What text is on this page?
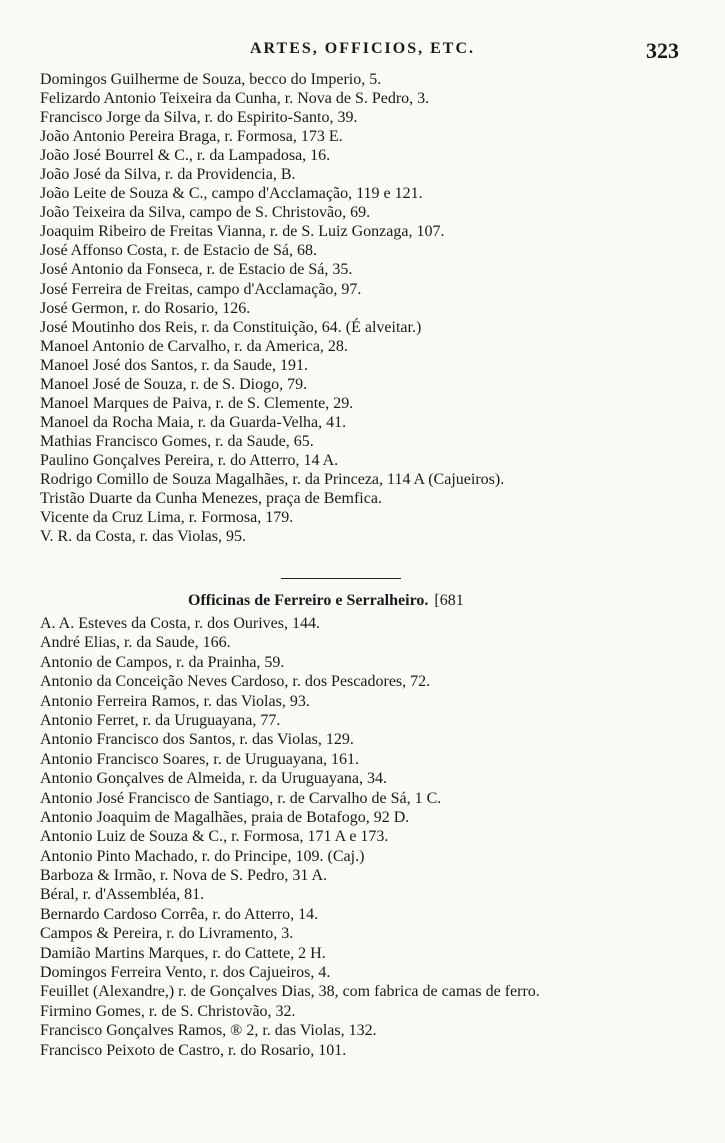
ARTES, OFFICIOS, ETC.	323
Domingos Guilherme de Souza, becco do Imperio, 5.
Felizardo Antonio Teixeira da Cunha, r. Nova de S. Pedro, 3.
Francisco Jorge da Silva, r. do Espirito-Santo, 39.
João Antonio Pereira Braga, r. Formosa, 173 E.
João José Bourrel & C., r. da Lampadosa, 16.
João José da Silva, r. da Providencia, B.
João Leite de Souza & C., campo d'Acclamação, 119 e 121.
João Teixeira da Silva, campo de S. Christovão, 69.
Joaquim Ribeiro de Freitas Vianna, r. de S. Luiz Gonzaga, 107.
José Affonso Costa, r. de Estacio de Sá, 68.
José Antonio da Fonseca, r. de Estacio de Sá, 35.
José Ferreira de Freitas, campo d'Acclamação, 97.
José Germon, r. do Rosario, 126.
José Moutinho dos Reis, r. da Constituição, 64. (É alveitar.)
Manoel Antonio de Carvalho, r. da America, 28.
Manoel José dos Santos, r. da Saude, 191.
Manoel José de Souza, r. de S. Diogo, 79.
Manoel Marques de Paiva, r. de S. Clemente, 29.
Manoel da Rocha Maia, r. da Guarda-Velha, 41.
Mathias Francisco Gomes, r. da Saude, 65.
Paulino Gonçalves Pereira, r. do Atterro, 14 A.
Rodrigo Comillo de Souza Magalhães, r. da Princeza, 114 A (Cajueiros).
Tristão Duarte da Cunha Menezes, praça de Bemfica.
Vicente da Cruz Lima, r. Formosa, 179.
V. R. da Costa, r. das Violas, 95.
Officinas de Ferreiro e Serralheiro. [681
A. A. Esteves da Costa, r. dos Ourives, 144.
André Elias, r. da Saude, 166.
Antonio de Campos, r. da Prainha, 59.
Antonio da Conceição Neves Cardoso, r. dos Pescadores, 72.
Antonio Ferreira Ramos, r. das Violas, 93.
Antonio Ferret, r. da Uruguayana, 77.
Antonio Francisco dos Santos, r. das Violas, 129.
Antonio Francisco Soares, r. de Uruguayana, 161.
Antonio Gonçalves de Almeida, r. da Uruguayana, 34.
Antonio José Francisco de Santiago, r. de Carvalho de Sá, 1 C.
Antonio Joaquim de Magalhães, praia de Botafogo, 92 D.
Antonio Luiz de Souza & C., r. Formosa, 171 A e 173.
Antonio Pinto Machado, r. do Principe, 109. (Caj.)
Barboza & Irmão, r. Nova de S. Pedro, 31 A.
Béral, r. d'Assembléa, 81.
Bernardo Cardoso Corrêa, r. do Atterro, 14.
Campos & Pereira, r. do Livramento, 3.
Damião Martins Marques, r. do Cattete, 2 H.
Domingos Ferreira Vento, r. dos Cajueiros, 4.
Feuillet (Alexandre,) r. de Gonçalves Dias, 38, com fabrica de camas de ferro.
Firmino Gomes, r. de S. Christovão, 32.
Francisco Gonçalves Ramos, ® 2, r. das Violas, 132.
Francisco Peixoto de Castro, r. do Rosario, 101.
